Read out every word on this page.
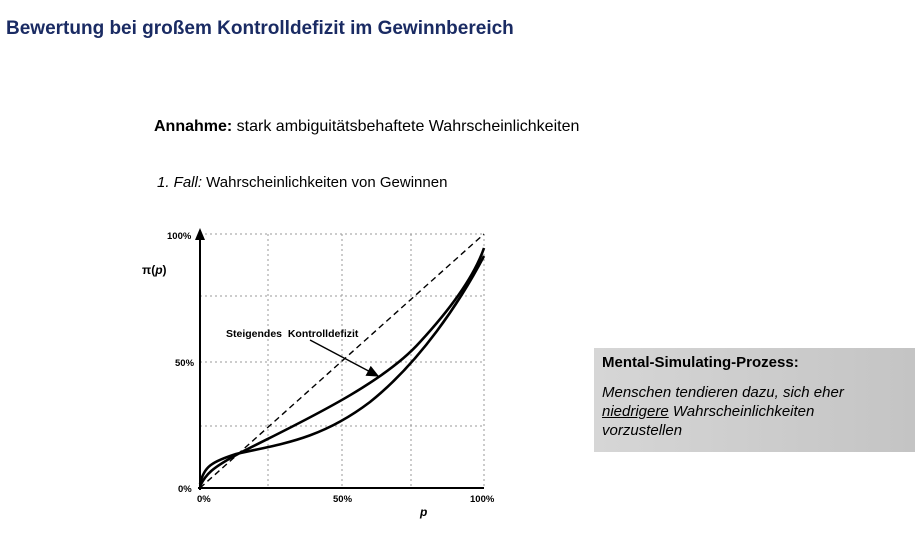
Bewertung bei großem Kontrolldefizit im Gewinnbereich
Annahme: stark ambiguitätsbehaftete Wahrscheinlichkeiten
1. Fall: Wahrscheinlichkeiten von Gewinnen
Steigendes  Kontrolldefizit
π(p)
100%
50%
0%
0%	50%	100%
p
Mental-Simulating-Prozess:
Menschen tendieren dazu, sich eher
niedrigere Wahrscheinlichkeiten
vorzustellen
